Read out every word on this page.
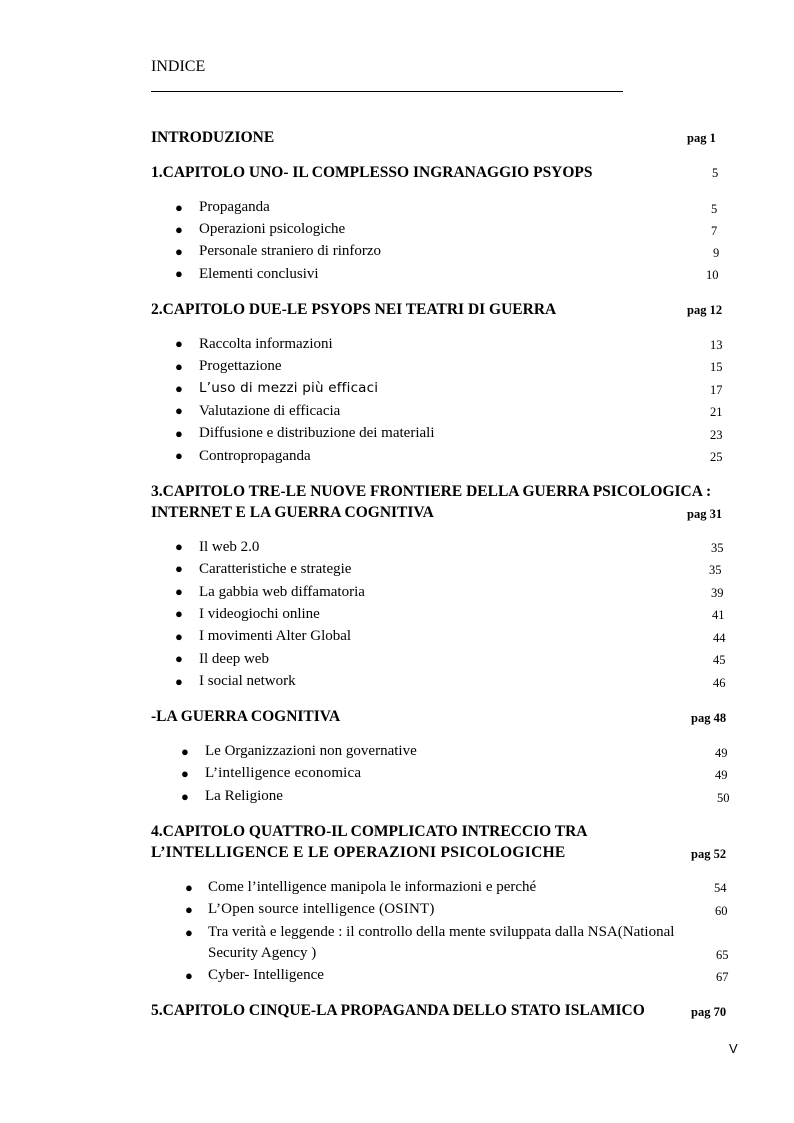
INDICE
INTRODUZIONE	pag 1
1.CAPITOLO UNO- IL COMPLESSO INGRANAGGIO PSYOPS	5
● Propaganda	5
● Operazioni psicologiche	7
● Personale straniero di rinforzo	9
● Elementi conclusivi	10
2.CAPITOLO DUE-LE PSYOPS NEI TEATRI DI GUERRA	pag 12
● Raccolta informazioni	13
● Progettazione	15
● L’uso di mezzi più efficaci	17
● Valutazione di efficacia	21
● Diffusione e distribuzione dei materiali	23
● Contropropaganda	25
3.CAPITOLO TRE-LE NUOVE FRONTIERE DELLA GUERRA PSICOLOGICA :
INTERNET E LA GUERRA COGNITIVA	pag 31
● Il web 2.0	35
● Caratteristiche e strategie	35
● La gabbia web diffamatoria	39
● I videogiochi online	41
● I movimenti Alter Global	44
● Il deep web	45
● I social network	46
-LA GUERRA COGNITIVA	pag 48
● Le Organizzazioni non governative	49
● L’intelligence economica	49
● La Religione	50
4.CAPITOLO QUATTRO-IL COMPLICATO INTRECCIO TRA
L’INTELLIGENCE E LE OPERAZIONI PSICOLOGICHE	pag 52
● Come l’intelligence manipola le informazioni e perché	54
● L’Open source intelligence (OSINT)	60
● Tra verità e leggende : il controllo della mente sviluppata dalla NSA(National
Security Agency )	65
● Cyber- Intelligence	67
5.CAPITOLO CINQUE-LA PROPAGANDA DELLO STATO ISLAMICO	pag 70
V
